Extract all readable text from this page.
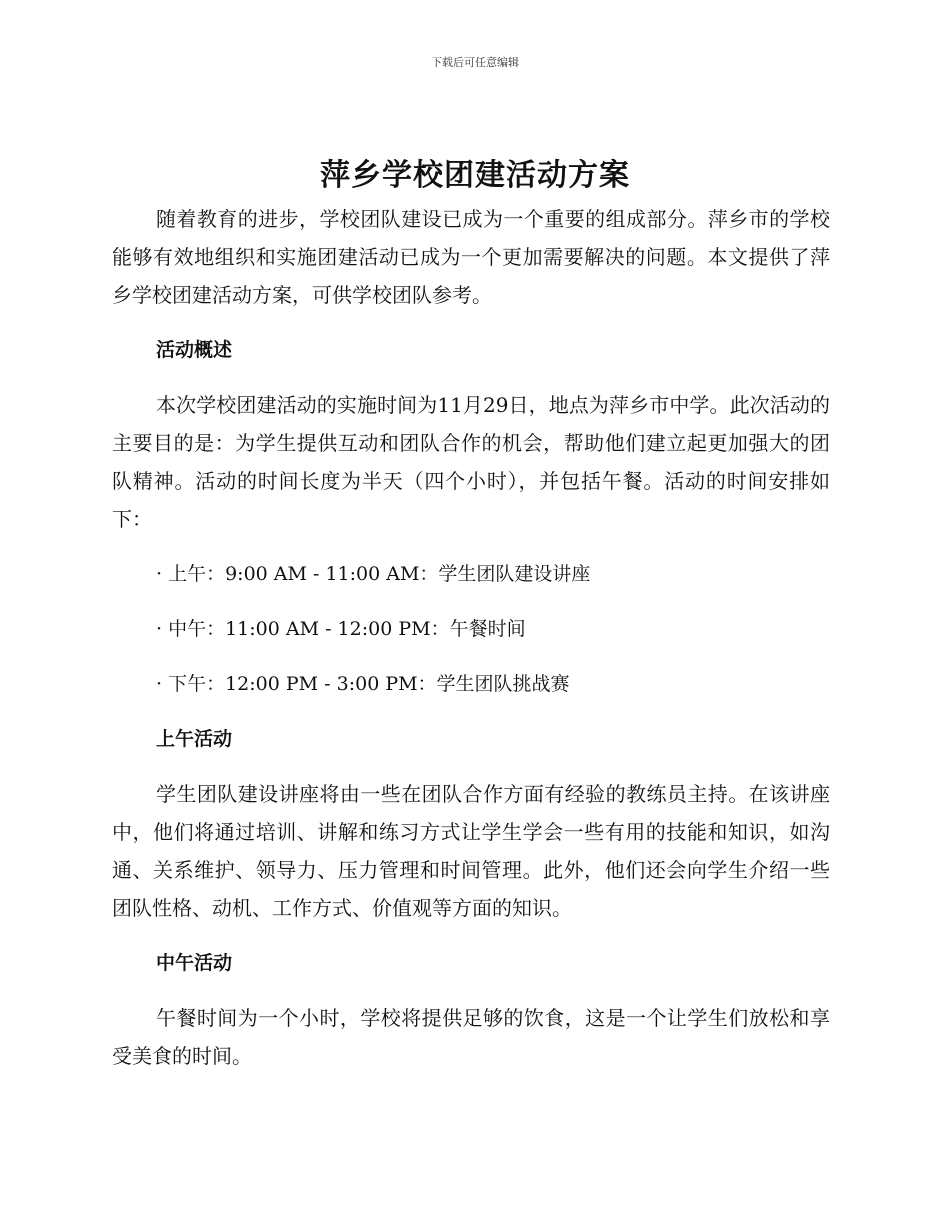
下载后可任意编辑
萍乡学校团建活动方案

随着教育的进步，学校团队建设已成为一个重要的组成部分。萍乡市的学校能够有效地组织和实施团建活动已成为一个更加需要解决的问题。本文提供了萍乡学校团建活动方案，可供学校团队参考。

活动概述

本次学校团建活动的实施时间为11月29日，地点为萍乡市中学。此次活动的主要目的是：为学生提供互动和团队合作的机会，帮助他们建立起更加强大的团队精神。活动的时间长度为半天（四个小时），并包括午餐。活动的时间安排如下：

· 上午：9:00 AM - 11:00 AM：学生团队建设讲座

· 中午：11:00 AM - 12:00 PM：午餐时间

· 下午：12:00 PM - 3:00 PM：学生团队挑战赛

上午活动

学生团队建设讲座将由一些在团队合作方面有经验的教练员主持。在该讲座中，他们将通过培训、讲解和练习方式让学生学会一些有用的技能和知识，如沟通、关系维护、领导力、压力管理和时间管理。此外，他们还会向学生介绍一些团队性格、动机、工作方式、价值观等方面的知识。

中午活动

午餐时间为一个小时，学校将提供足够的饮食，这是一个让学生们放松和享受美食的时间。
